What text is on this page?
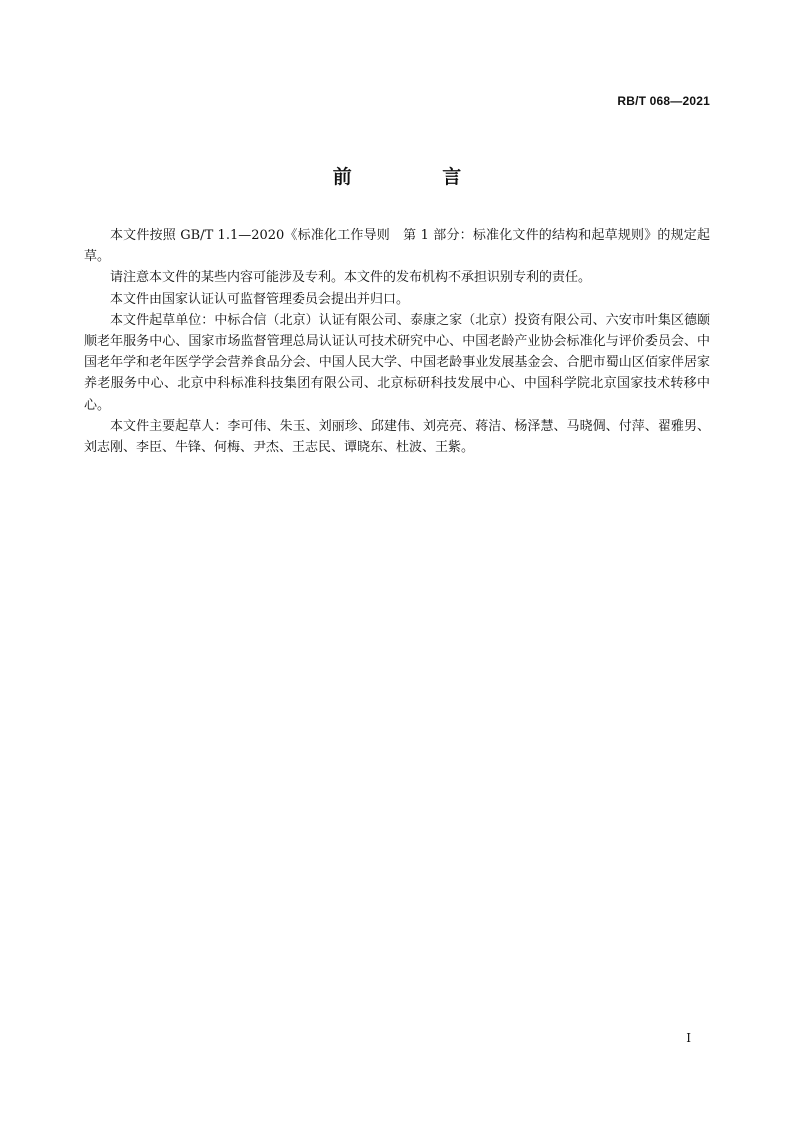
RB/T 068—2021
前 言

本文件按照 GB/T 1.1—2020《标准化工作导则　第 1 部分：标准化文件的结构和起草规则》的规定起草。

请注意本文件的某些内容可能涉及专利。本文件的发布机构不承担识别专利的责任。

本文件由国家认证认可监督管理委员会提出并归口。

本文件起草单位：中标合信（北京）认证有限公司、泰康之家（北京）投资有限公司、六安市叶集区德颐顺老年服务中心、国家市场监督管理总局认证认可技术研究中心、中国老龄产业协会标准化与评价委员会、中国老年学和老年医学学会营养食品分会、中国人民大学、中国老龄事业发展基金会、合肥市蜀山区佰家伴居家养老服务中心、北京中科标准科技集团有限公司、北京标研科技发展中心、中国科学院北京国家技术转移中心。

本文件主要起草人：李可伟、朱玉、刘丽珍、邱建伟、刘亮亮、蒋洁、杨泽慧、马晓倜、付萍、翟雅男、刘志刚、李臣、牛锋、何梅、尹杰、王志民、谭晓东、杜波、王紫。

I
